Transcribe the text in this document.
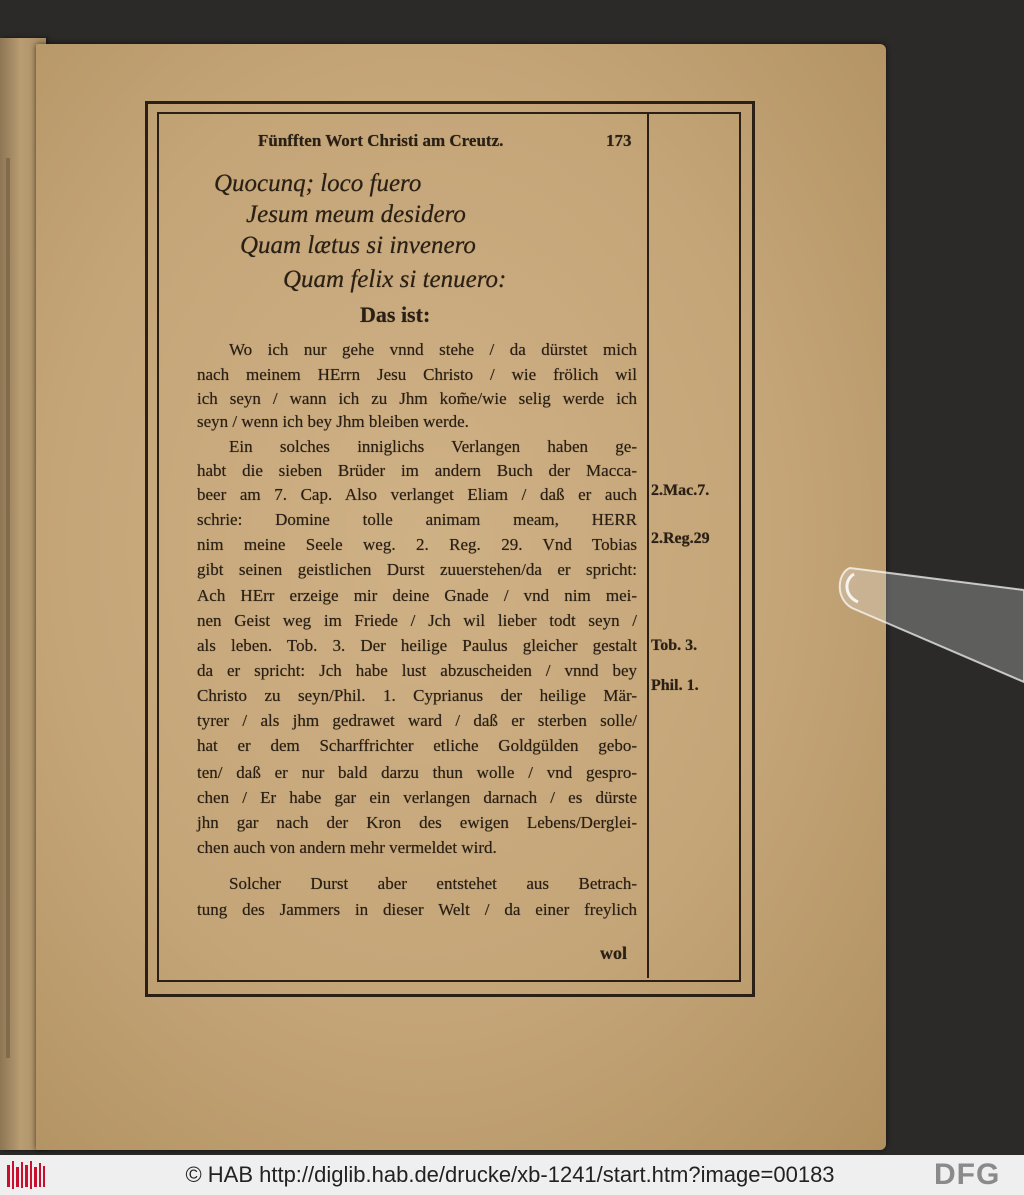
Fünfften Wort Christi am Creutz.	173
Quocunq; loco fuero
Jesum meum desidero
Quam lætus si invenero
Quam felix si tenuero:
Das ist:
Wo ich nur gehe vnnd stehe / da dürstet mich
nach meinem HErrn Jesu Christo / wie frölich wil
ich seyn / wann ich zu Jhm kom̃e/wie selig werde ich
seyn / wenn ich bey Jhm bleiben werde.
Ein solches inniglichs Verlangen haben ge-
habt die sieben Brüder im andern Buch der Macca-
beer am 7. Cap. Also verlanget Eliam / daß er auch
schrie: Domine tolle animam meam, HERR
nim meine Seele weg. 2. Reg. 29. Vnd Tobias
gibt seinen geistlichen Durst zuuerstehen/da er spricht:
Ach HErr erzeige mir deine Gnade / vnd nim mei-
nen Geist weg im Friede / Jch wil lieber todt seyn /
als leben. Tob. 3. Der heilige Paulus gleicher gestalt
da er spricht: Jch habe lust abzuscheiden / vnnd bey
Christo zu seyn/Phil. 1. Cyprianus der heilige Mär-
tyrer / als jhm gedrawet ward / daß er sterben solle/
hat er dem Scharffrichter etliche Goldgülden gebo-
ten/ daß er nur bald darzu thun wolle / vnd gespro-
chen / Er habe gar ein verlangen darnach / es dürste
jhn gar nach der Kron des ewigen Lebens/Derglei-
chen auch von andern mehr vermeldet wird.
Solcher Durst aber entstehet aus Betrach-
tung des Jammers in dieser Welt / da einer freylich
2.Mac.7.
2.Reg.29
Tob. 3.
Phil. 1.
wol
© HAB http://diglib.hab.de/drucke/xb-1241/start.htm?image=00183	DFG
